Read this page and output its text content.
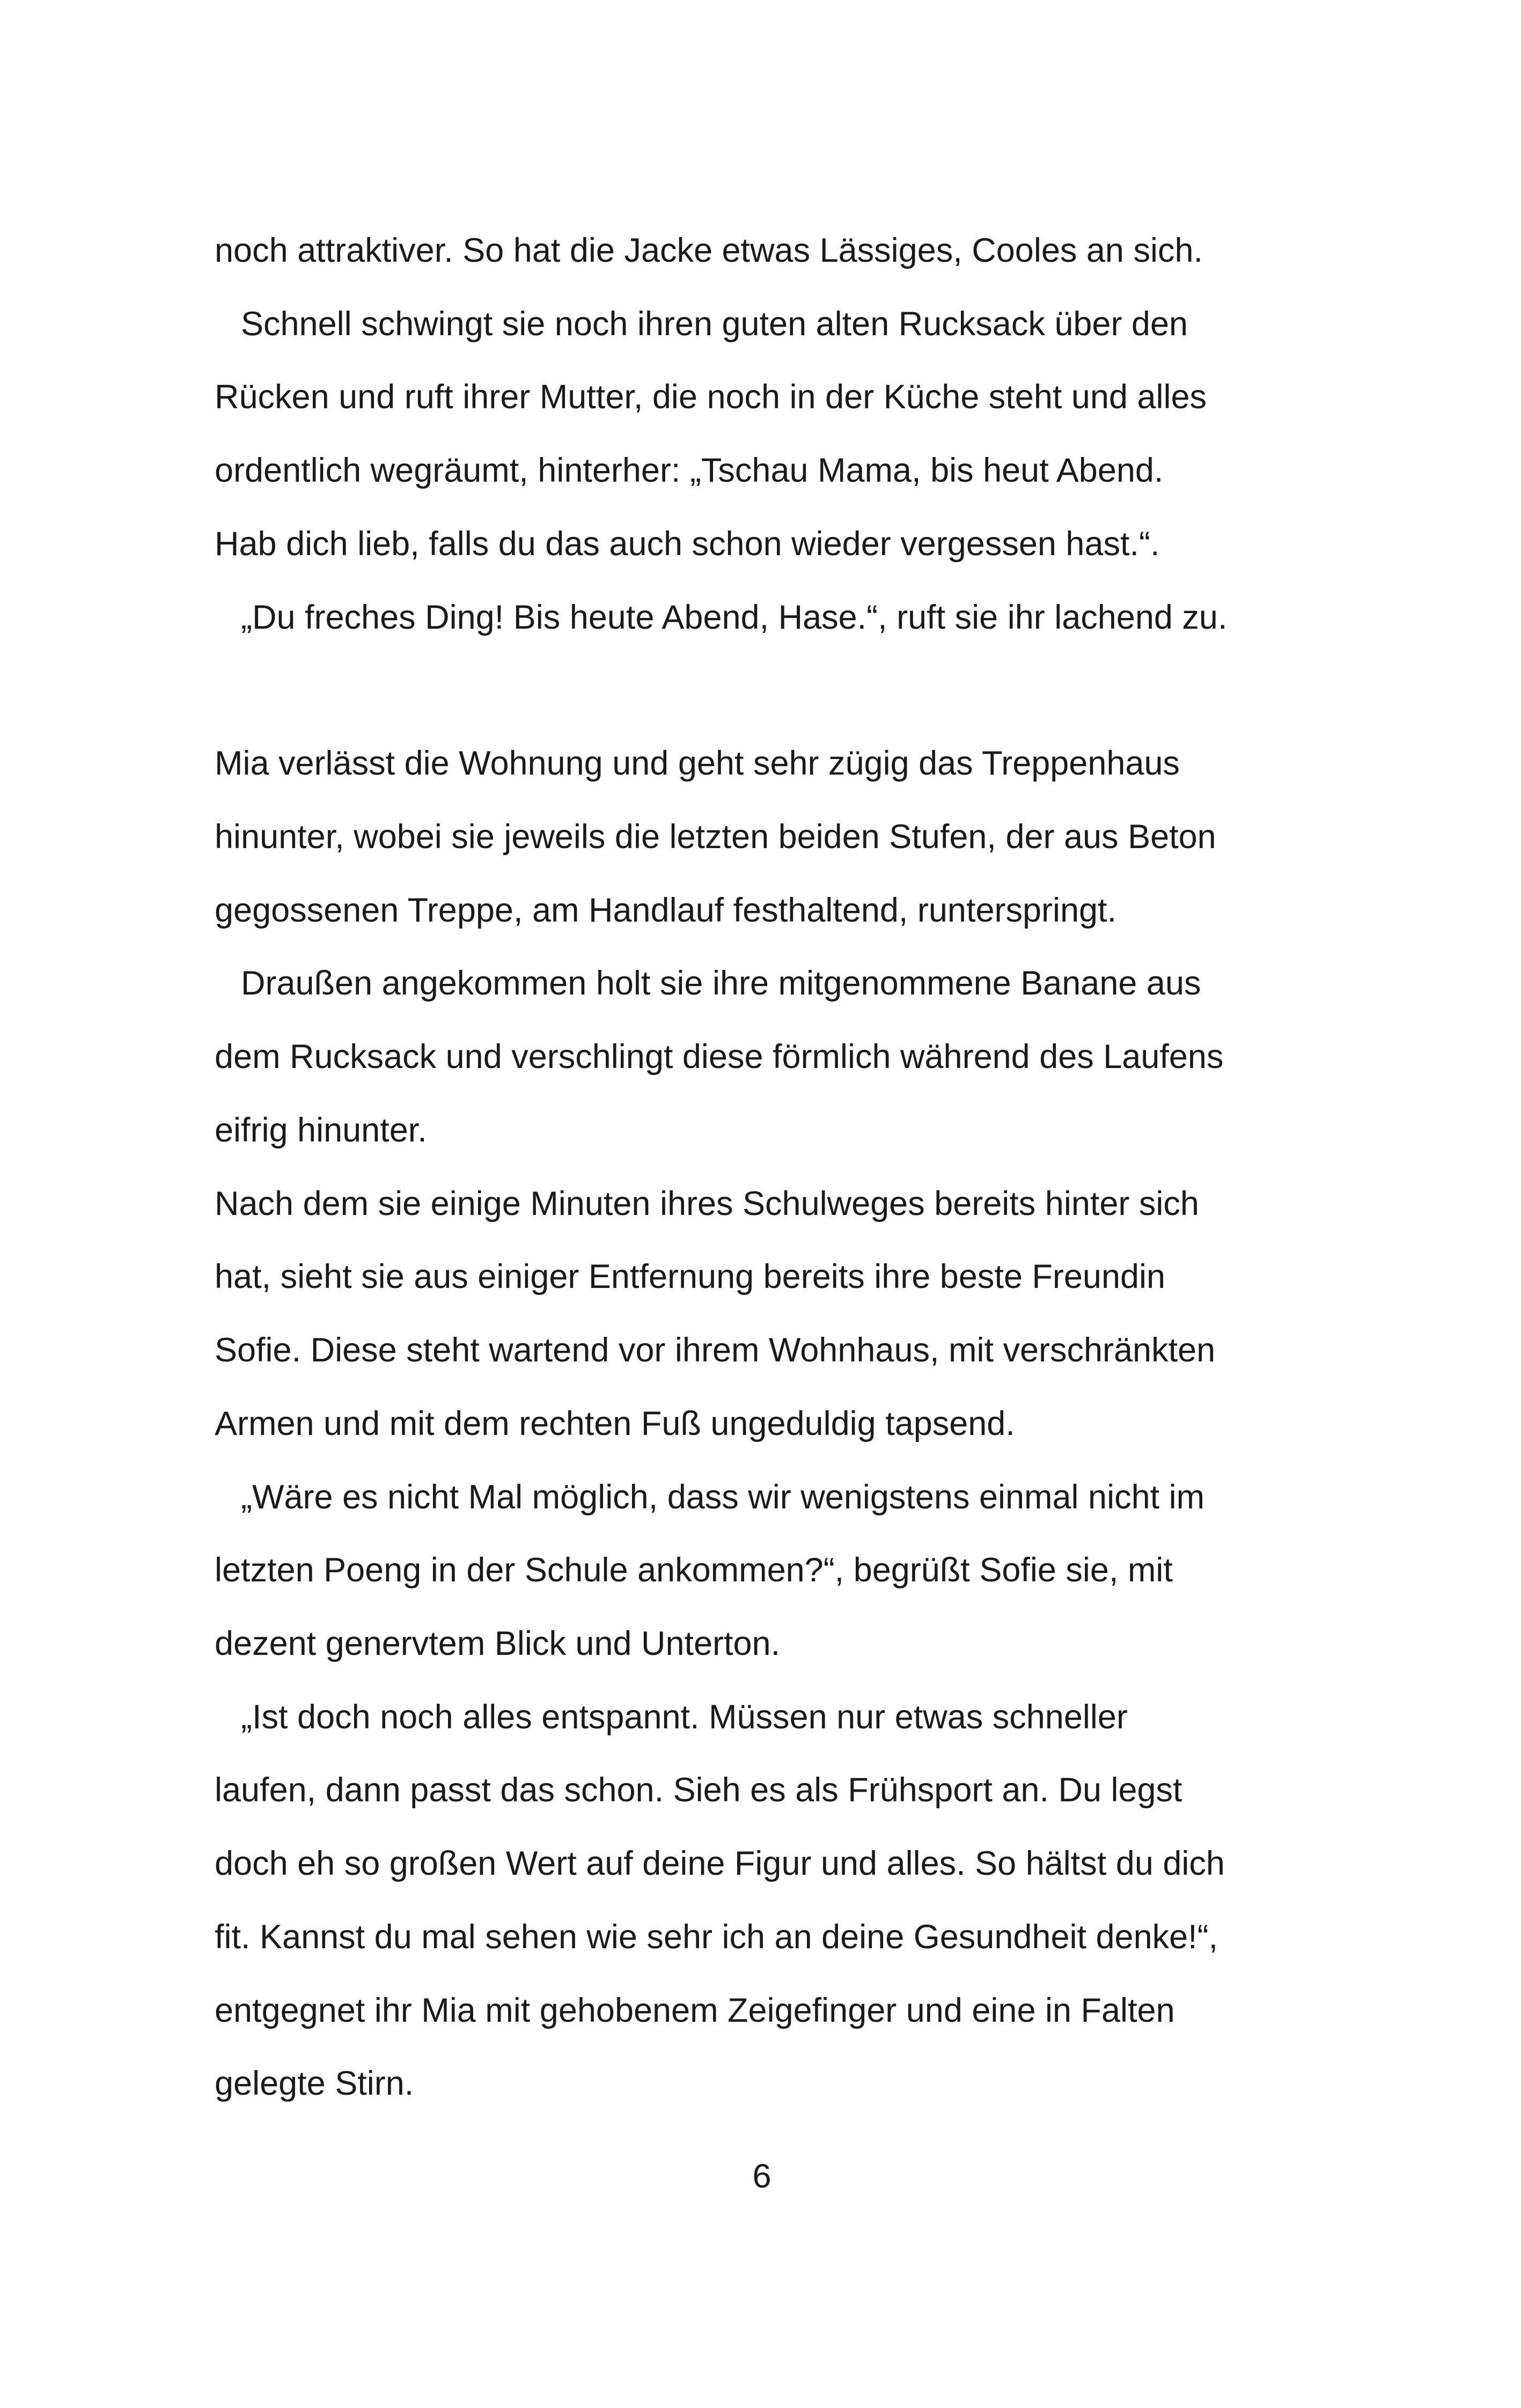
noch attraktiver. So hat die Jacke etwas Lässiges, Cooles an sich.
Schnell schwingt sie noch ihren guten alten Rucksack über den
Rücken und ruft ihrer Mutter, die noch in der Küche steht und alles
ordentlich wegräumt, hinterher: „Tschau Mama, bis heut Abend.
Hab dich lieb, falls du das auch schon wieder vergessen hast.“.
„Du freches Ding! Bis heute Abend, Hase.“, ruft sie ihr lachend zu.
Mia verlässt die Wohnung und geht sehr zügig das Treppenhaus
hinunter, wobei sie jeweils die letzten beiden Stufen, der aus Beton
gegossenen Treppe, am Handlauf festhaltend, runterspringt.
Draußen angekommen holt sie ihre mitgenommene Banane aus
dem Rucksack und verschlingt diese förmlich während des Laufens
eifrig hinunter.
Nach dem sie einige Minuten ihres Schulweges bereits hinter sich
hat, sieht sie aus einiger Entfernung bereits ihre beste Freundin
Sofie. Diese steht wartend vor ihrem Wohnhaus, mit verschränkten
Armen und mit dem rechten Fuß ungeduldig tapsend.
„Wäre es nicht Mal möglich, dass wir wenigstens einmal nicht im
letzten Poeng in der Schule ankommen?“, begrüßt Sofie sie, mit
dezent genervtem Blick und Unterton.
„Ist doch noch alles entspannt. Müssen nur etwas schneller
laufen, dann passt das schon. Sieh es als Frühsport an. Du legst
doch eh so großen Wert auf deine Figur und alles. So hältst du dich
fit. Kannst du mal sehen wie sehr ich an deine Gesundheit denke!“,
entgegnet ihr Mia mit gehobenem Zeigefinger und eine in Falten
gelegte Stirn.
6
